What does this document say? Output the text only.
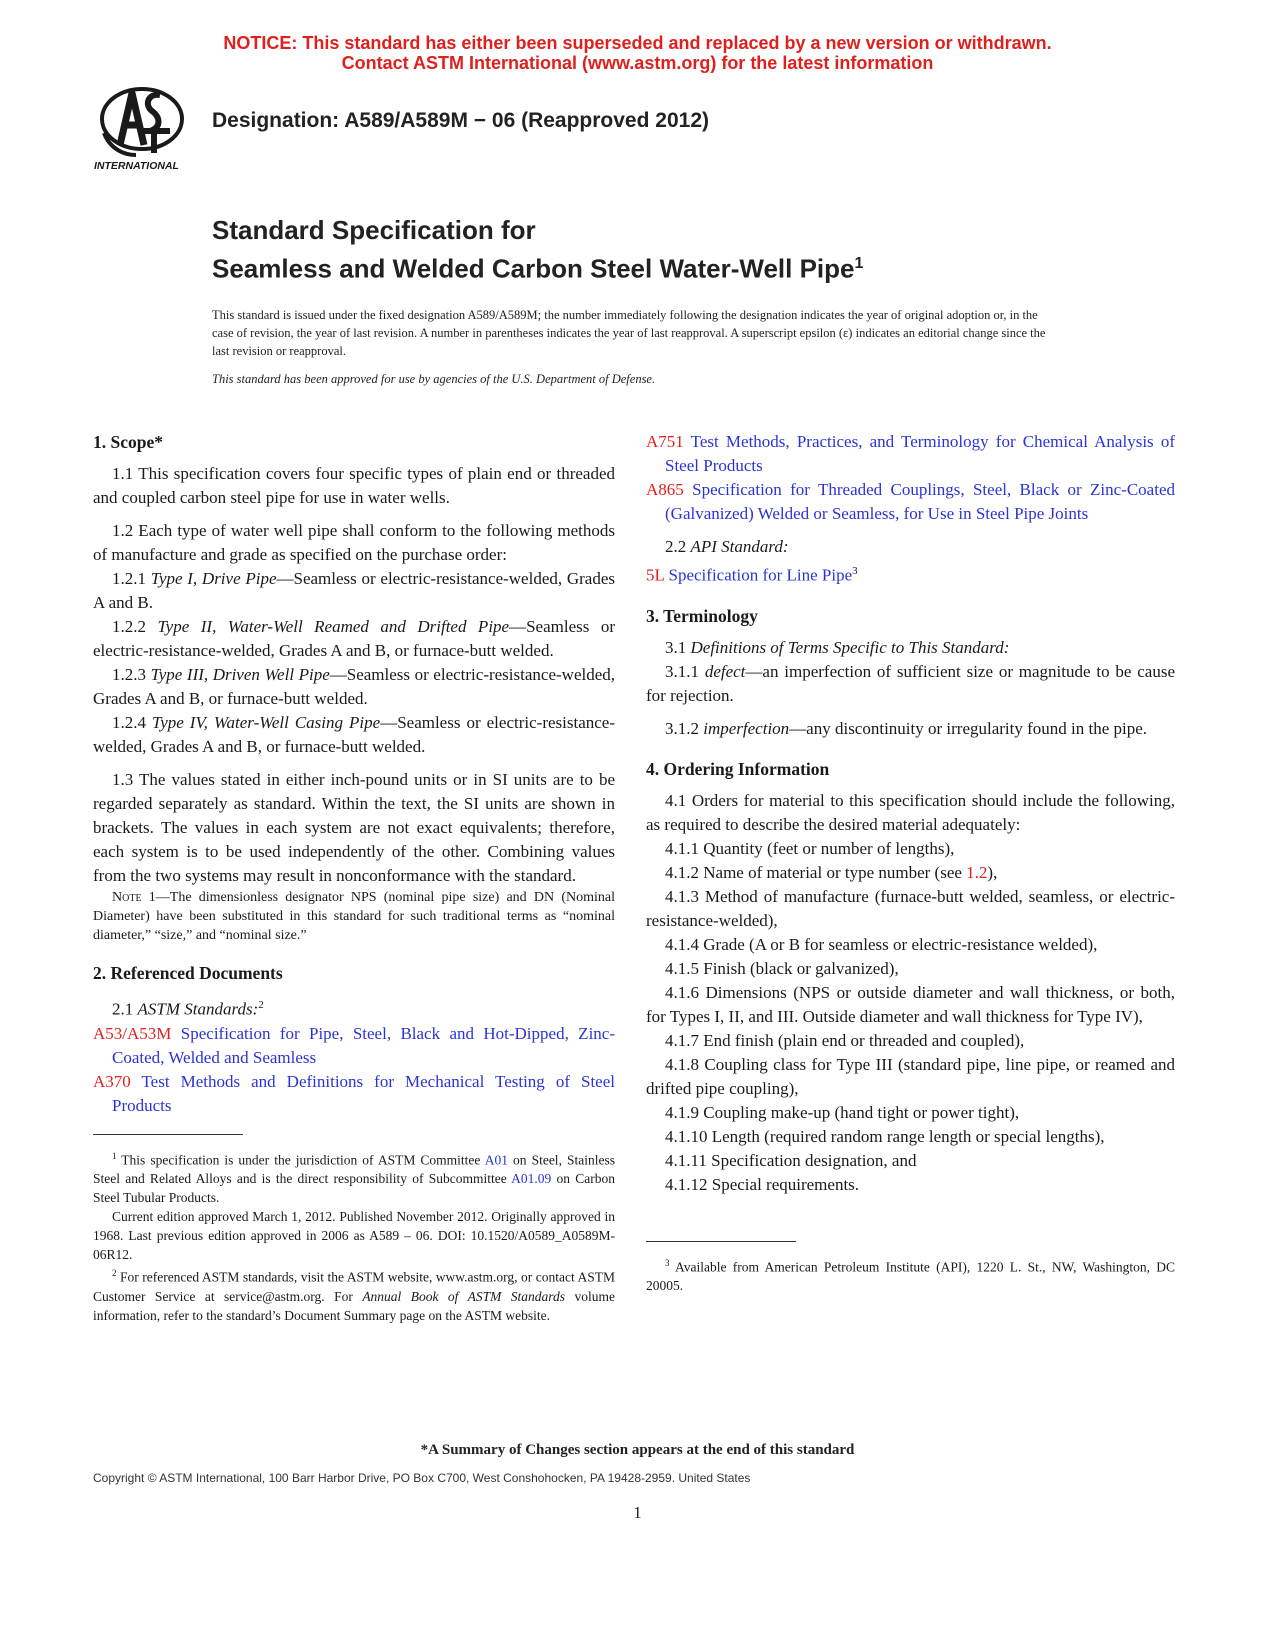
NOTICE: This standard has either been superseded and replaced by a new version or withdrawn.
Contact ASTM International (www.astm.org) for the latest information
INTERNATIONAL
Designation: A589/A589M − 06 (Reapproved 2012)
Standard Specification for
Seamless and Welded Carbon Steel Water-Well Pipe$^1$
This standard is issued under the fixed designation A589/A589M; the number immediately following the designation indicates the year of original adoption or, in the case of revision, the year of last revision. A number in parentheses indicates the year of last reapproval. A superscript epsilon (ε) indicates an editorial change since the last revision or reapproval.
This standard has been approved for use by agencies of the U.S. Department of Defense.
1. Scope*

1.1 This specification covers four specific types of plain end or threaded and coupled carbon steel pipe for use in water wells.

1.2 Each type of water well pipe shall conform to the following methods of manufacture and grade as specified on the purchase order:

1.2.1 Type I, Drive Pipe—Seamless or electric-resistance-welded, Grades A and B.

1.2.2 Type II, Water-Well Reamed and Drifted Pipe—Seamless or electric-resistance-welded, Grades A and B, or furnace-butt welded.

1.2.3 Type III, Driven Well Pipe—Seamless or electric-resistance-welded, Grades A and B, or furnace-butt welded.

1.2.4 Type IV, Water-Well Casing Pipe—Seamless or electric-resistance-welded, Grades A and B, or furnace-butt welded.

1.3 The values stated in either inch-pound units or in SI units are to be regarded separately as standard. Within the text, the SI units are shown in brackets. The values in each system are not exact equivalents; therefore, each system is to be used independently of the other. Combining values from the two systems may result in nonconformance with the standard.

Note 1—The dimensionless designator NPS (nominal pipe size) and DN (Nominal Diameter) have been substituted in this standard for such traditional terms as “nominal diameter,” “size,” and “nominal size.”

2. Referenced Documents

2.1 ASTM Standards:$^2$

A53/A53M Specification for Pipe, Steel, Black and Hot-Dipped, Zinc-Coated, Welded and Seamless

A370 Test Methods and Definitions for Mechanical Testing of Steel Products

$^1$ This specification is under the jurisdiction of ASTM Committee A01 on Steel, Stainless Steel and Related Alloys and is the direct responsibility of Subcommittee A01.09 on Carbon Steel Tubular Products.

Current edition approved March 1, 2012. Published November 2012. Originally approved in 1968. Last previous edition approved in 2006 as A589 – 06. DOI: 10.1520/A0589_A0589M-06R12.

$^2$ For referenced ASTM standards, visit the ASTM website, www.astm.org, or contact ASTM Customer Service at service@astm.org. For Annual Book of ASTM Standards volume information, refer to the standard’s Document Summary page on the ASTM website.

A751 Test Methods, Practices, and Terminology for Chemical Analysis of Steel Products

A865 Specification for Threaded Couplings, Steel, Black or Zinc-Coated (Galvanized) Welded or Seamless, for Use in Steel Pipe Joints

2.2 API Standard:

5L Specification for Line Pipe$^3$

3. Terminology

3.1 Definitions of Terms Specific to This Standard:

3.1.1 defect—an imperfection of sufficient size or magnitude to be cause for rejection.

3.1.2 imperfection—any discontinuity or irregularity found in the pipe.

4. Ordering Information

4.1 Orders for material to this specification should include the following, as required to describe the desired material adequately:

4.1.1 Quantity (feet or number of lengths),

4.1.2 Name of material or type number (see 1.2),

4.1.3 Method of manufacture (furnace-butt welded, seamless, or electric-resistance-welded),

4.1.4 Grade (A or B for seamless or electric-resistance welded),

4.1.5 Finish (black or galvanized),

4.1.6 Dimensions (NPS or outside diameter and wall thickness, or both, for Types I, II, and III. Outside diameter and wall thickness for Type IV),

4.1.7 End finish (plain end or threaded and coupled),

4.1.8 Coupling class for Type III (standard pipe, line pipe, or reamed and drifted pipe coupling),

4.1.9 Coupling make-up (hand tight or power tight),

4.1.10 Length (required random range length or special lengths),

4.1.11 Specification designation, and

4.1.12 Special requirements.

$^3$ Available from American Petroleum Institute (API), 1220 L. St., NW, Washington, DC 20005.

*A Summary of Changes section appears at the end of this standard
Copyright © ASTM International, 100 Barr Harbor Drive, PO Box C700, West Conshohocken, PA 19428-2959. United States
1
